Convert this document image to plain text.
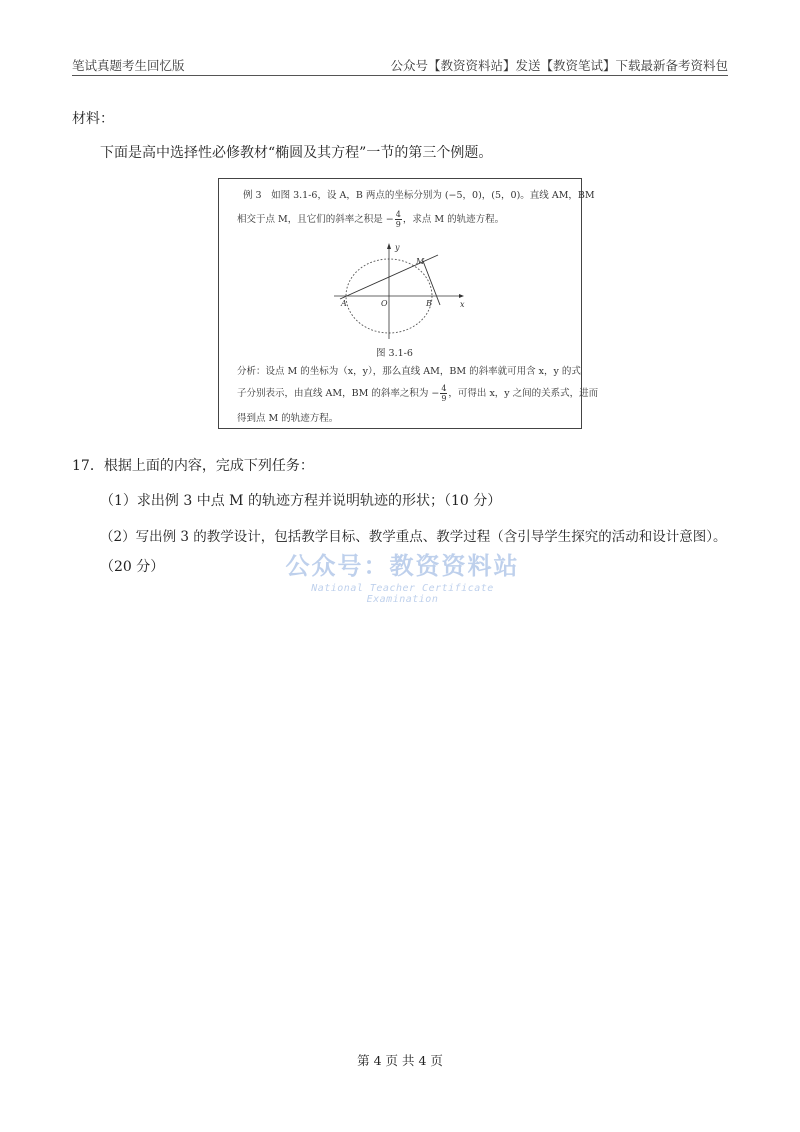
笔试真题考生回忆版	公众号【教资资料站】发送【教资笔试】下载最新备考资料包
材料：
下面是高中选择性必修教材“椭圆及其方程”一节的第三个例题。
例 3　如图 3.1-6，设 A，B 两点的坐标分别为 (−5，0)，(5，0)。直线 AM，BM
相交于点 M，且它们的斜率之积是 − $\frac{4}{9}$ ，求点 M 的轨迹方程。
y
x
M
A	O	B
图 3.1-6
分析：设点 M 的坐标为（x，y），那么直线 AM，BM 的斜率就可用含 x，y 的式
子分别表示，由直线 AM，BM 的斜率之积为 − $\frac{4}{9}$ ，可得出 x，y 之间的关系式，进而
得到点 M 的轨迹方程。
17．根据上面的内容，完成下列任务：
（1）求出例 3 中点 M 的轨迹方程并说明轨迹的形状；（10 分）
（2）写出例 3 的教学设计，包括教学目标、教学重点、教学过程（含引导学生探究的活动和设计意图）。
（20 分）	公众号：教资资料站
National Teacher Certificate Examination
第 4 页 共 4 页
